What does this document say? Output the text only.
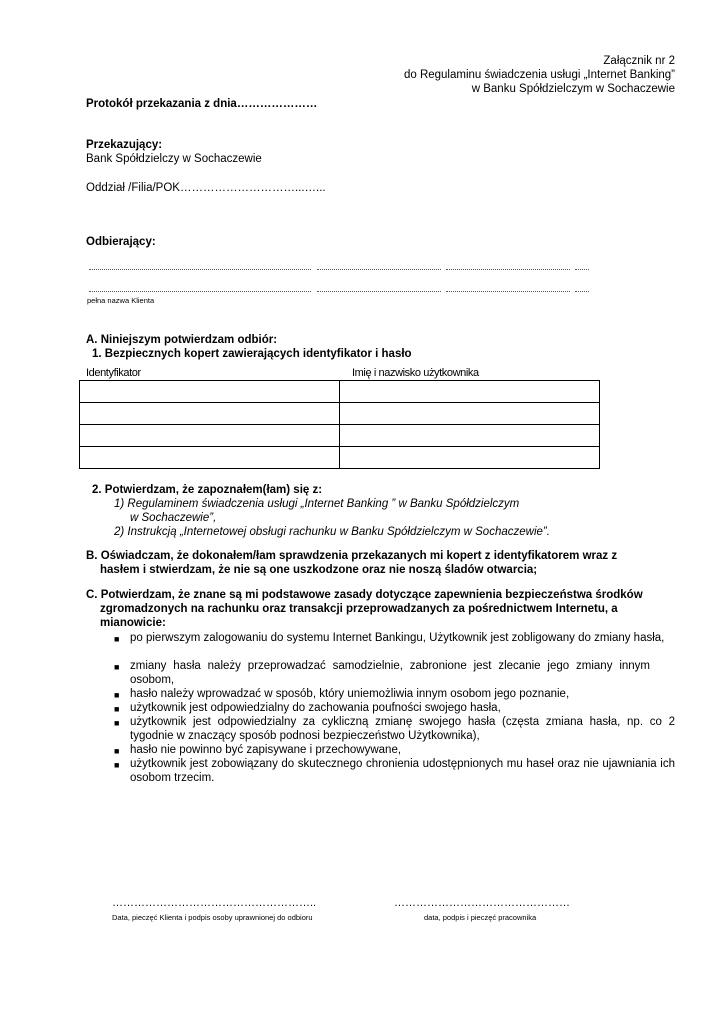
Załącznik nr 2
do Regulaminu świadczenia usługi „Internet Banking”
w Banku Spółdzielczym w Sochaczewie
Protokół przekazania z dnia…………………
Przekazujący:
Bank Spółdzielczy w Sochaczewie
Oddział /Filia/POK…………………………...…...
Odbierający:
pełna nazwa Klienta
A. Niniejszym potwierdzam odbiór:
1. Bezpiecznych kopert zawierających identyfikator i hasło
Identyfikator	Imię i nazwisko użytkownika

2. Potwierdzam, że zapoznałem(łam) się z:
1) Regulaminem świadczenia usługi „Internet Banking ” w Banku Spółdzielczym
w Sochaczewie”,
2) Instrukcją „Internetowej obsługi rachunku w Banku Spółdzielczym w Sochaczewie”.
B. Oświadczam, że dokonałem/łam sprawdzenia przekazanych mi kopert z identyfikatorem wraz z
hasłem i stwierdzam, że nie są one uszkodzone oraz nie noszą śladów otwarcia;
C. Potwierdzam, że znane są mi podstawowe zasady dotyczące zapewnienia bezpieczeństwa środków
zgromadzonych na rachunku oraz transakcji przeprowadzanych za pośrednictwem Internetu, a
mianowicie:
■ po pierwszym zalogowaniu do systemu Internet Bankingu, Użytkownik jest zobligowany do zmiany hasła,
■ zmiany hasła należy przeprowadzać samodzielnie, zabronione jest zlecanie jego zmiany innym osobom,
■ hasło należy wprowadzać w sposób, który uniemożliwia innym osobom jego poznanie,
■ użytkownik jest odpowiedzialny do zachowania poufności swojego hasła,
■ użytkownik jest odpowiedzialny za cykliczną zmianę swojego hasła (częsta zmiana hasła, np. co 2 tygodnie w znaczący sposób podnosi bezpieczeństwo Użytkownika),
■ hasło nie powinno być zapisywane i przechowywane,
■ użytkownik jest zobowiązany do skutecznego chronienia udostępnionych mu haseł oraz nie ujawniania ich osobom trzecim.
………………………………………………..
Data, pieczęć Klienta i podpis osoby uprawnionej do odbioru
…………………………………………
data, podpis i pieczęć pracownika
